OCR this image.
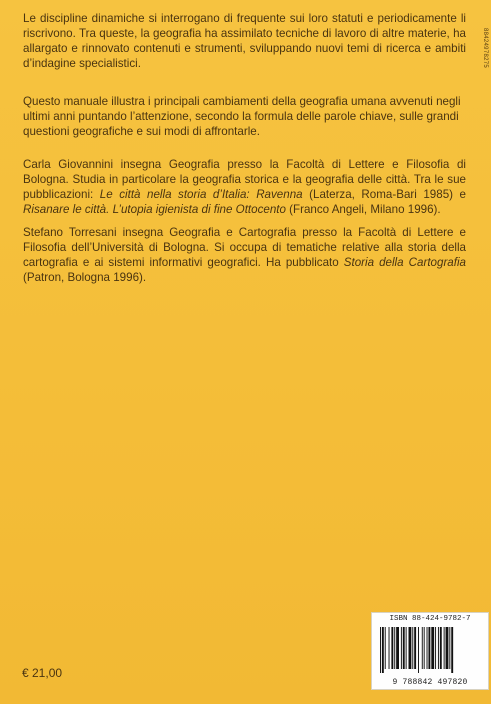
Le discipline dinamiche si interrogano di frequente sui loro statuti e periodicamente li riscrivono. Tra queste, la geografia ha assimilato tecniche di lavoro di altre materie, ha allargato e rinnovato contenuti e strumenti, sviluppando nuovi temi di ricerca e ambiti d’indagine specialistici.

Questo manuale illustra i principali cambiamenti della geografia umana avvenuti negli ultimi anni puntando l’attenzione, secondo la formula delle parole chiave, sulle grandi questioni geografiche e sui modi di affrontarle.

Carla Giovannini insegna Geografia presso la Facoltà di Lettere e Filosofia di Bologna. Studia in particolare la geografia storica e la geografia delle città. Tra le sue pubblicazioni: Le città nella storia d’Italia: Ravenna (Laterza, Roma-Bari 1985) e Risanare le città. L’utopia igienista di fine Ottocento (Franco Angeli, Milano 1996).

Stefano Torresani insegna Geografia e Cartografia presso la Facoltà di Lettere e Filosofia dell’Università di Bologna. Si occupa di tematiche relative alla storia della cartografia e ai sistemi informativi geografici. Ha pubblicato Storia della Cartografia (Patron, Bologna 1996).

88424978275
€ 21,00
ISBN 88-424-9782-7
9 788842 497820
